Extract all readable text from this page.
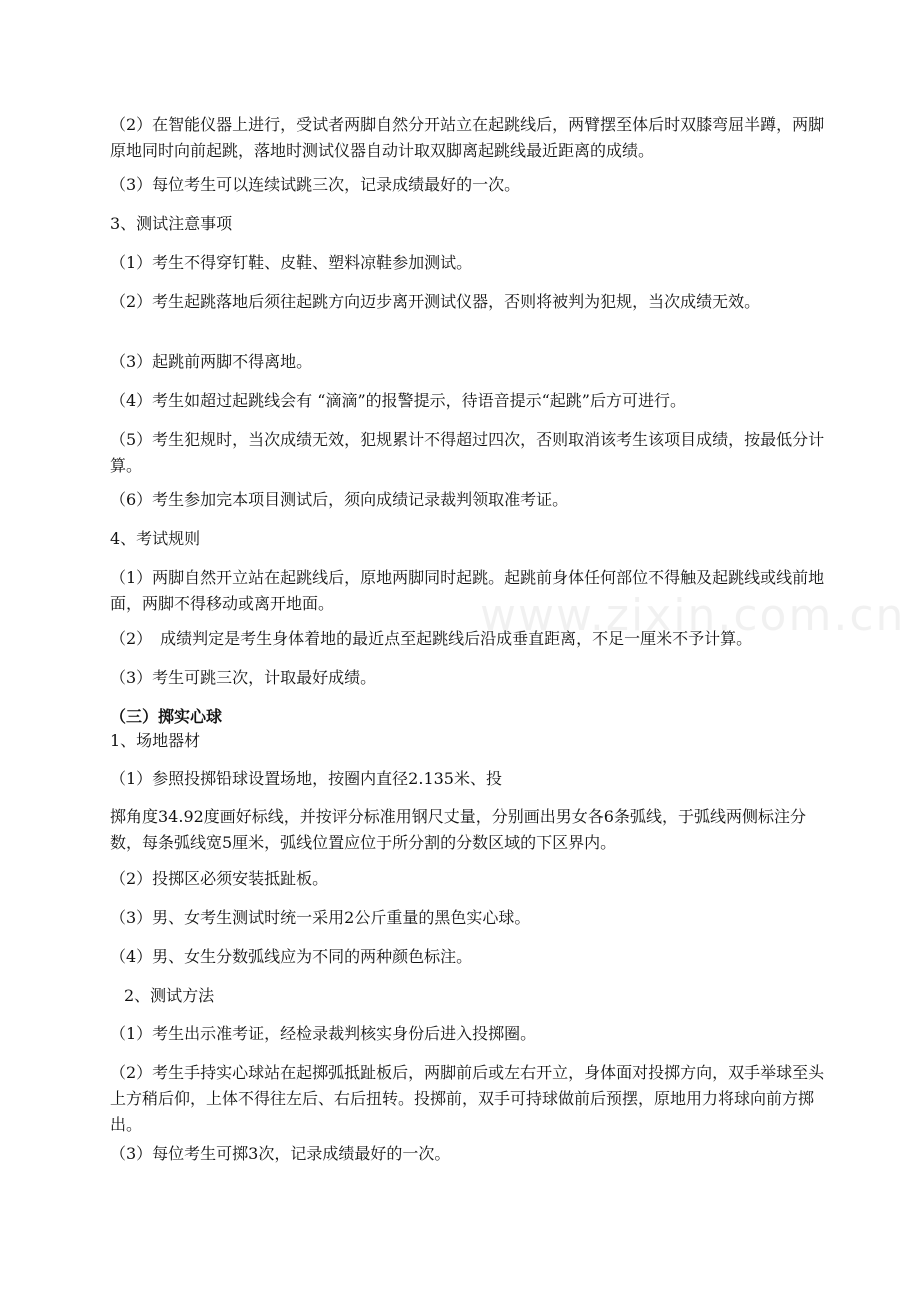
www.zixin.com.cn
（2）在智能仪器上进行，受试者两脚自然分开站立在起跳线后，两臂摆至体后时双膝弯屈半蹲，两脚原地同时向前起跳，落地时测试仪器自动计取双脚离起跳线最近距离的成绩。
（3）每位考生可以连续试跳三次，记录成绩最好的一次。
3、测试注意事项
（1）考生不得穿钉鞋、皮鞋、塑料凉鞋参加测试。
（2）考生起跳落地后须往起跳方向迈步离开测试仪器，否则将被判为犯规，当次成绩无效。
（3）起跳前两脚不得离地。
（4）考生如超过起跳线会有 “滴滴”的报警提示，待语音提示“起跳”后方可进行。
（5）考生犯规时，当次成绩无效，犯规累计不得超过四次，否则取消该考生该项目成绩，按最低分计算。
（6）考生参加完本项目测试后，须向成绩记录裁判领取准考证。
4、考试规则
（1）两脚自然开立站在起跳线后，原地两脚同时起跳。起跳前身体任何部位不得触及起跳线或线前地面，两脚不得移动或离开地面。
（2）　成绩判定是考生身体着地的最近点至起跳线后沿成垂直距离，不足一厘米不予计算。
（3）考生可跳三次，计取最好成绩。
（三）掷实心球
1、场地器材
（1）参照投掷铅球设置场地，按圈内直径2.135米、投
掷角度34.92度画好标线，并按评分标准用钢尺丈量，分别画出男女各6条弧线，于弧线两侧标注分数，每条弧线宽5厘米，弧线位置应位于所分割的分数区域的下区界内。
（2）投掷区必须安装抵趾板。
（3）男、女考生测试时统一采用2公斤重量的黑色实心球。
（4）男、女生分数弧线应为不同的两种颜色标注。
2、测试方法
（1）考生出示准考证，经检录裁判核实身份后进入投掷圈。
（2）考生手持实心球站在起掷弧抵趾板后，两脚前后或左右开立，身体面对投掷方向，双手举球至头上方稍后仰，上体不得往左后、右后扭转。投掷前，双手可持球做前后预摆，原地用力将球向前方掷出。
（3）每位考生可掷3次，记录成绩最好的一次。
